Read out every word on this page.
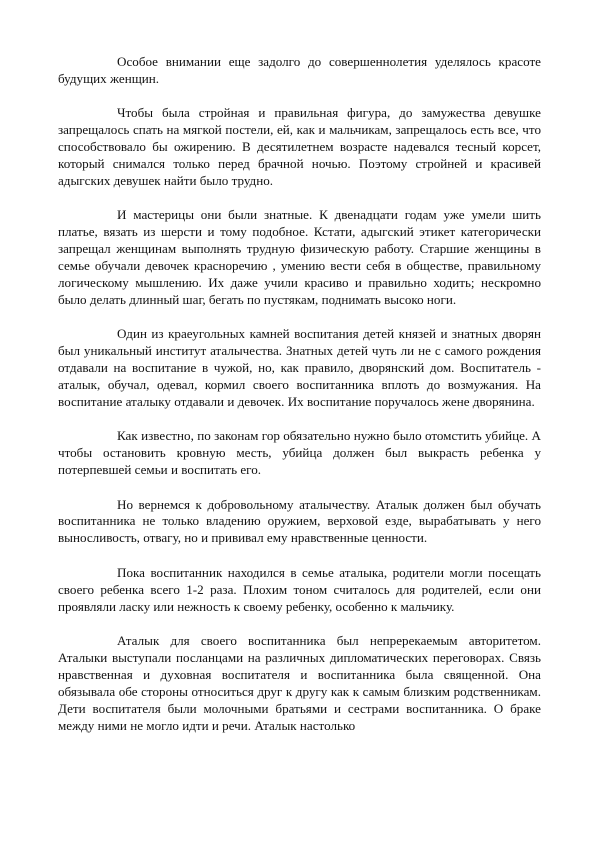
Особое внимании еще задолго до совершеннолетия уделялось красоте будущих женщин.

Чтобы была стройная и правильная фигура, до замужества девушке запрещалось спать на мягкой постели, ей, как и мальчикам, запрещалось есть все, что способствовало бы ожирению. В десятилетнем возрасте надевался тесный корсет, который снимался только перед брачной ночью. Поэтому стройней и красивей адыгских девушек найти было трудно.

И мастерицы они были знатные. К двенадцати годам уже умели шить платье, вязать из шерсти и тому подобное. Кстати, адыгский этикет категорически запрещал женщинам выполнять трудную физическую работу. Старшие женщины в семье обучали девочек красноречию , умению вести себя в обществе, правильному логическому мышлению. Их даже учили красиво и правильно ходить; нескромно было делать длинный шаг, бегать по пустякам, поднимать высоко ноги.

Один из краеугольных камней воспитания детей князей и знатных дворян был уникальный институт аталычества. Знатных детей чуть ли не с самого рождения отдавали на воспитание в чужой, но, как правило, дворянский дом. Воспитатель - аталык, обучал, одевал, кормил своего воспитанника вплоть до возмужания. На воспитание аталыку отдавали и девочек. Их воспитание поручалось жене дворянина.

Как известно, по законам гор обязательно нужно было отомстить убийце. А чтобы остановить кровную месть, убийца должен был выкрасть ребенка у потерпевшей семьи и воспитать его.

Но вернемся к добровольному аталычеству. Аталык должен был обучать воспитанника не только владению оружием, верховой езде, вырабатывать у него выносливость, отвагу, но и прививал ему нравственные ценности.

Пока воспитанник находился в семье аталыка, родители могли посещать своего ребенка всего 1-2 раза. Плохим тоном считалось для родителей, если они проявляли ласку или нежность к своему ребенку, особенно к мальчику.

Аталык для своего воспитанника был непререкаемым авторитетом. Аталыки выступали посланцами на различных дипломатических переговорах. Связь нравственная и духовная воспитателя и воспитанника была священной. Она обязывала обе стороны относиться друг к другу как к самым близким родственникам. Дети воспитателя были молочными братьями и сестрами воспитанника. О браке между ними не могло идти и речи. Аталык настолько
